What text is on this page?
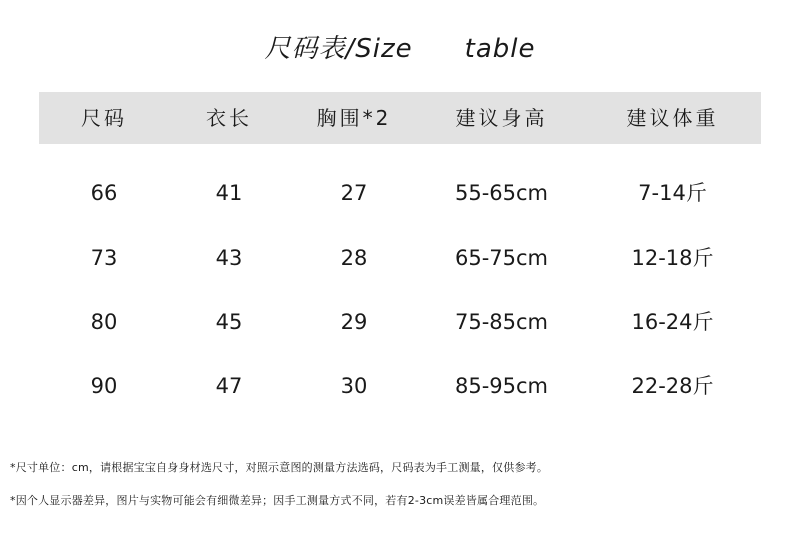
尺码表/Size table
尺码	衣长	胸围*2	建议身高	建议体重
66	41	27	55-65cm	7-14斤
73	43	28	65-75cm	12-18斤
80	45	29	75-85cm	16-24斤
90	47	30	85-95cm	22-28斤
*尺寸单位：cm，请根据宝宝自身身材选尺寸，对照示意图的测量方法选码，尺码表为手工测量，仅供参考。
*因个人显示器差异，图片与实物可能会有细微差异；因手工测量方式不同，若有2-3cm误差皆属合理范围。
